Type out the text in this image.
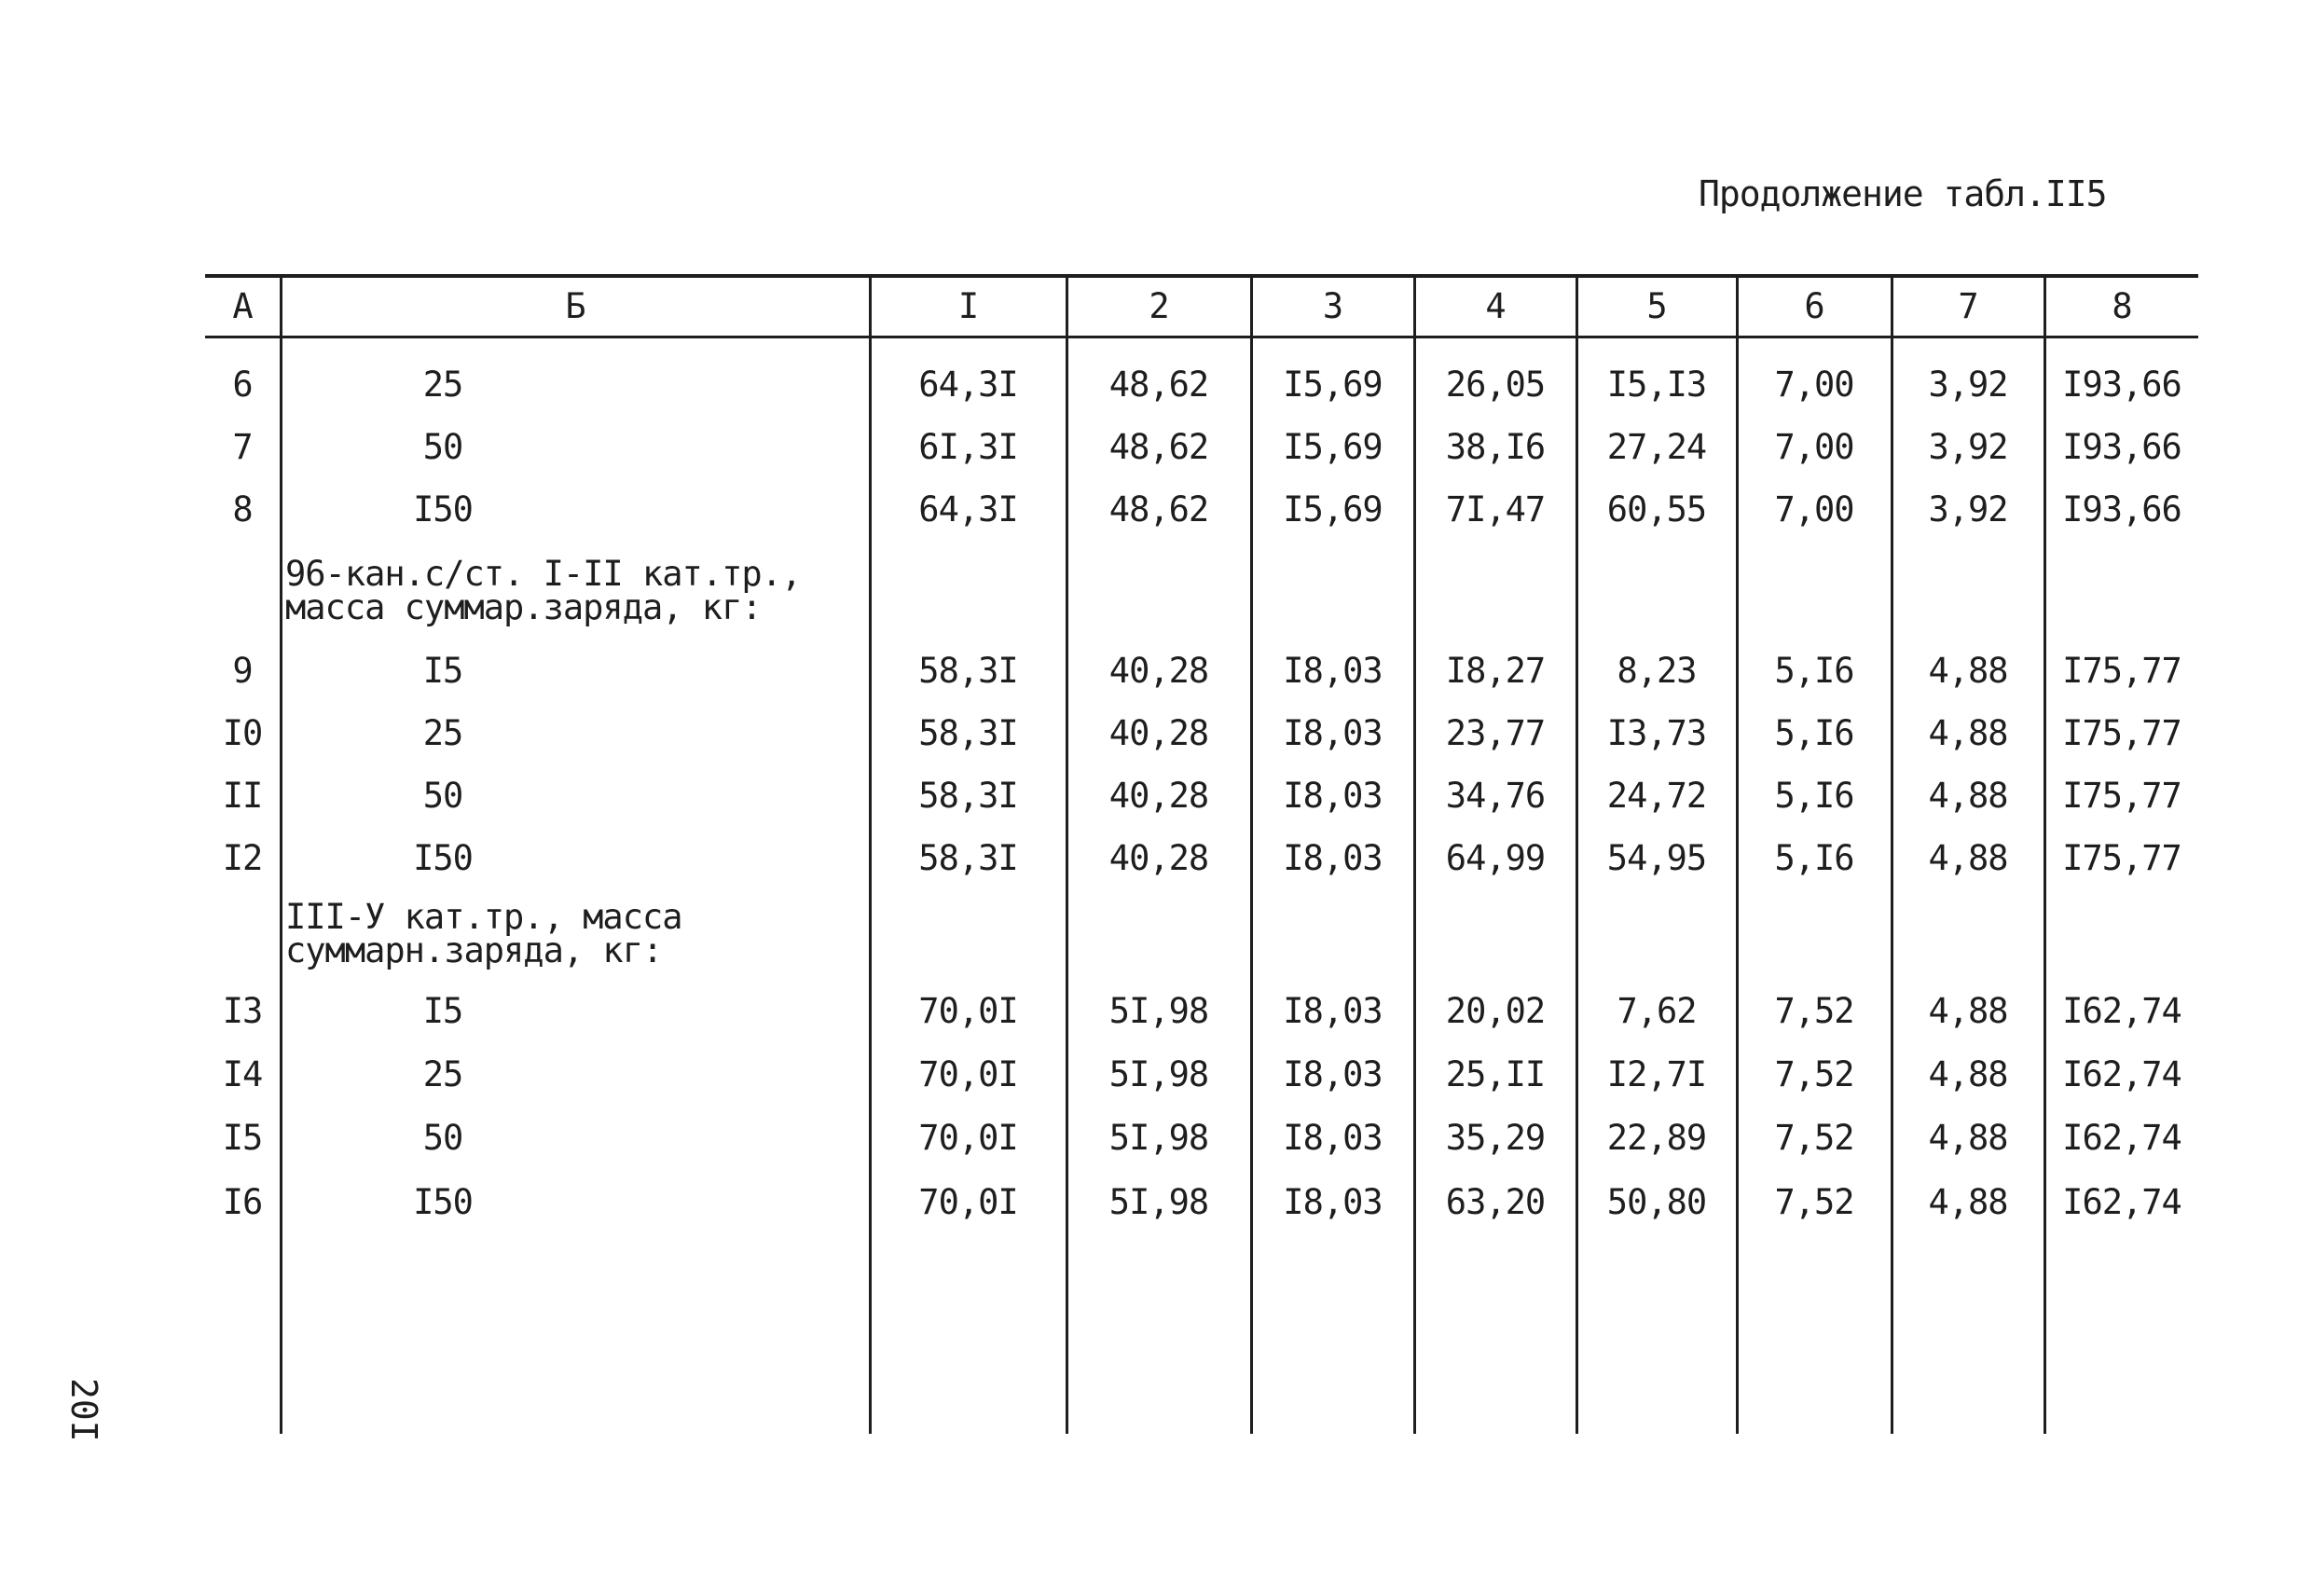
Продолжение табл.II5
20I
А	Б	I	2	3	4	5	6	7	8
96-кан.с/ст. I-II кат.тр.,
масса суммар.заряда, кг:
III-У кат.тр., масса
суммарн.заряда, кг:
6	25	64,3I	48,62	I5,69	26,05	I5,I3	7,00	3,92	I93,66
7	50	6I,3I	48,62	I5,69	38,I6	27,24	7,00	3,92	I93,66
8	I50	64,3I	48,62	I5,69	7I,47	60,55	7,00	3,92	I93,66
9	I5	58,3I	40,28	I8,03	I8,27	8,23	5,I6	4,88	I75,77
I0	25	58,3I	40,28	I8,03	23,77	I3,73	5,I6	4,88	I75,77
II	50	58,3I	40,28	I8,03	34,76	24,72	5,I6	4,88	I75,77
I2	I50	58,3I	40,28	I8,03	64,99	54,95	5,I6	4,88	I75,77
I3	I5	70,0I	5I,98	I8,03	20,02	7,62	7,52	4,88	I62,74
I4	25	70,0I	5I,98	I8,03	25,II	I2,7I	7,52	4,88	I62,74
I5	50	70,0I	5I,98	I8,03	35,29	22,89	7,52	4,88	I62,74
I6	I50	70,0I	5I,98	I8,03	63,20	50,80	7,52	4,88	I62,74
